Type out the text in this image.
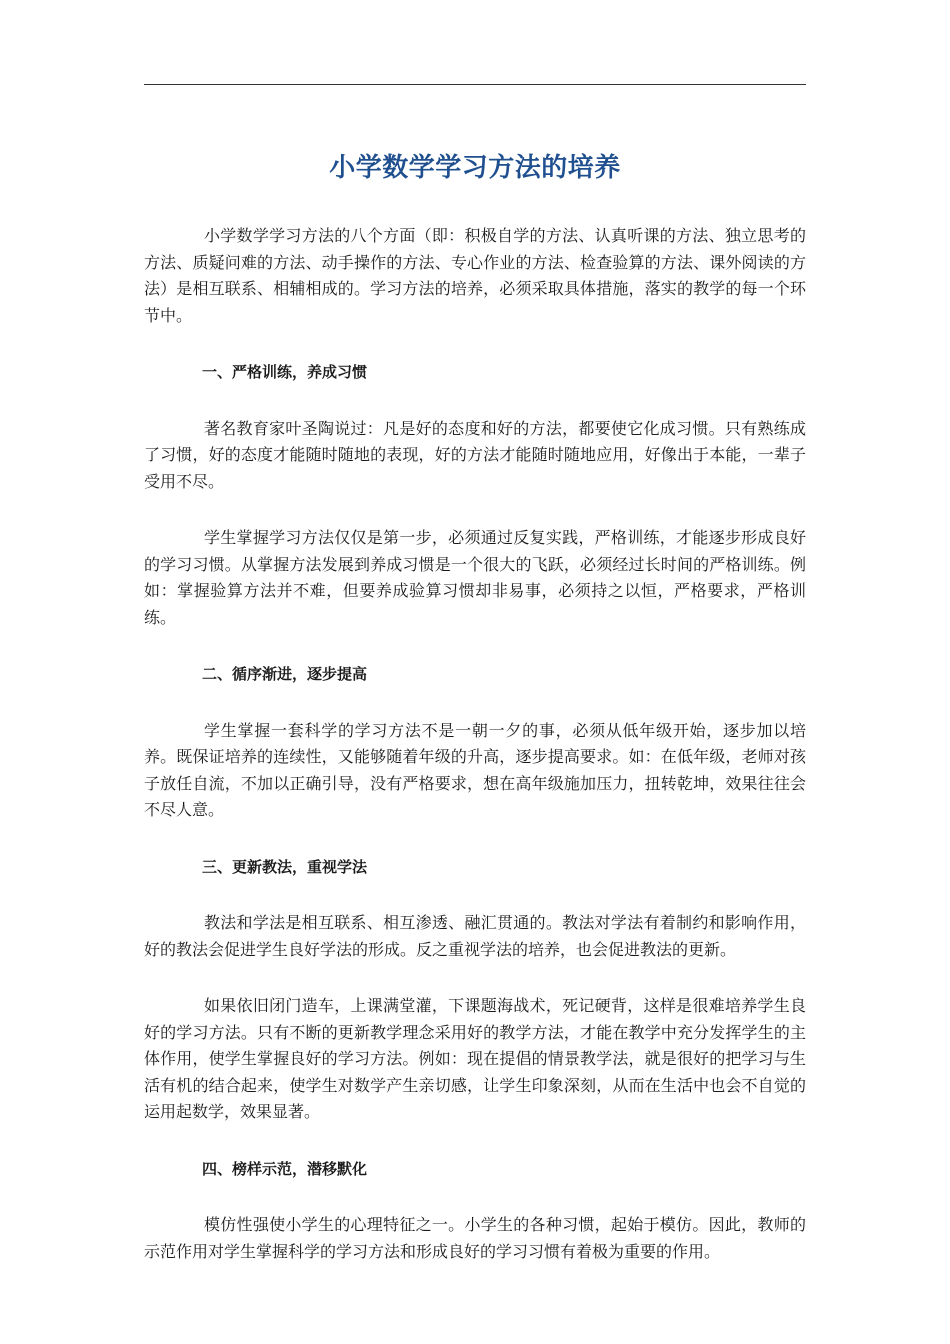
小学数学学习方法的培养

小学数学学习方法的八个方面（即：积极自学的方法、认真听课的方法、独立思考的方法、质疑问难的方法、动手操作的方法、专心作业的方法、检查验算的方法、课外阅读的方法）是相互联系、相辅相成的。学习方法的培养，必须采取具体措施，落实的教学的每一个环节中。

一、严格训练，养成习惯

著名教育家叶圣陶说过：凡是好的态度和好的方法，都要使它化成习惯。只有熟练成了习惯，好的态度才能随时随地的表现，好的方法才能随时随地应用，好像出于本能，一辈子受用不尽。

学生掌握学习方法仅仅是第一步，必须通过反复实践，严格训练，才能逐步形成良好的学习习惯。从掌握方法发展到养成习惯是一个很大的飞跃，必须经过长时间的严格训练。例如：掌握验算方法并不难，但要养成验算习惯却非易事，必须持之以恒，严格要求，严格训练。

二、循序渐进，逐步提高

学生掌握一套科学的学习方法不是一朝一夕的事，必须从低年级开始，逐步加以培养。既保证培养的连续性，又能够随着年级的升高，逐步提高要求。如：在低年级，老师对孩子放任自流，不加以正确引导，没有严格要求，想在高年级施加压力，扭转乾坤，效果往往会不尽人意。

三、更新教法，重视学法

教法和学法是相互联系、相互渗透、融汇贯通的。教法对学法有着制约和影响作用，好的教法会促进学生良好学法的形成。反之重视学法的培养，也会促进教法的更新。

如果依旧闭门造车，上课满堂灌，下课题海战术，死记硬背，这样是很难培养学生良好的学习方法。只有不断的更新教学理念采用好的教学方法，才能在教学中充分发挥学生的主体作用，使学生掌握良好的学习方法。例如：现在提倡的情景教学法，就是很好的把学习与生活有机的结合起来，使学生对数学产生亲切感，让学生印象深刻，从而在生活中也会不自觉的运用起数学，效果显著。

四、榜样示范，潜移默化

模仿性强使小学生的心理特征之一。小学生的各种习惯，起始于模仿。因此，教师的示范作用对学生掌握科学的学习方法和形成良好的学习习惯有着极为重要的作用。
